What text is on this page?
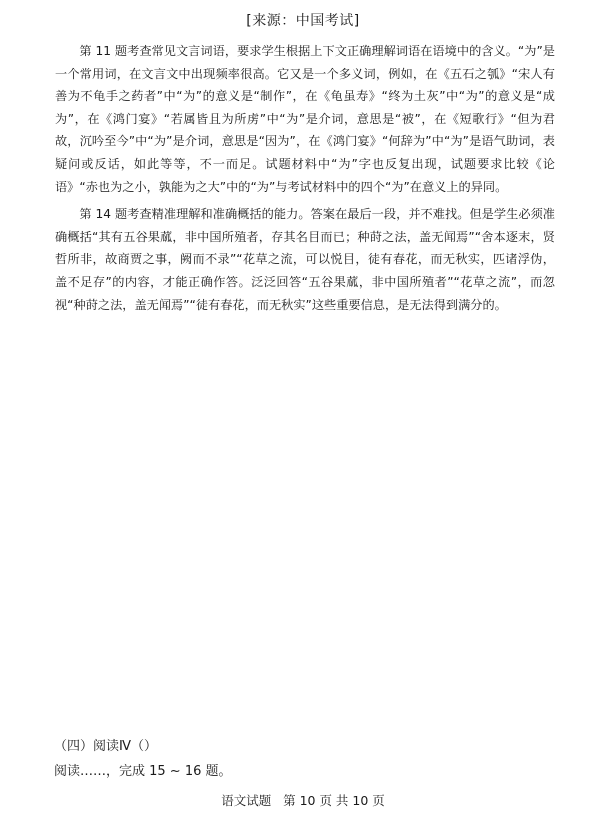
[来源：中国考试]

第 11 题考查常见文言词语，要求学生根据上下文正确理解词语在语境中的含义。“为”是一个常用词，在文言文中出现频率很高。它又是一个多义词，例如，在《五石之瓠》“宋人有善为不龟手之药者”中“为”的意义是“制作”，在《龟虽寿》“终为土灰”中“为”的意义是“成为”，在《鸿门宴》“若属皆且为所虏”中“为”是介词，意思是“被”，在《短歌行》“但为君故，沉吟至今”中“为”是介词，意思是“因为”，在《鸿门宴》“何辞为”中“为”是语气助词，表疑问或反话，如此等等，不一而足。试题材料中“为”字也反复出现，试题要求比较《论语》“赤也为之小，孰能为之大”中的“为”与考试材料中的四个“为”在意义上的异同。

第 14 题考查精准理解和准确概括的能力。答案在最后一段，并不难找。但是学生必须准确概括“其有五谷果蓏，非中国所殖者，存其名目而已；种莳之法，盖无闻焉”“舍本逐末，贤哲所非，故商贾之事，阙而不录”“花草之流，可以悦目，徒有春花，而无秋实，匹诸浮伪，盖不足存”的内容，才能正确作答。泛泛回答“五谷果蓏，非中国所殖者”“花草之流”，而忽视“种莳之法，盖无闻焉”“徒有春花，而无秋实”这些重要信息，是无法得到满分的。

（四）阅读Ⅳ（）
阅读……，完成 15 ~ 16 题。
语文试题   第 10 页 共 10 页
